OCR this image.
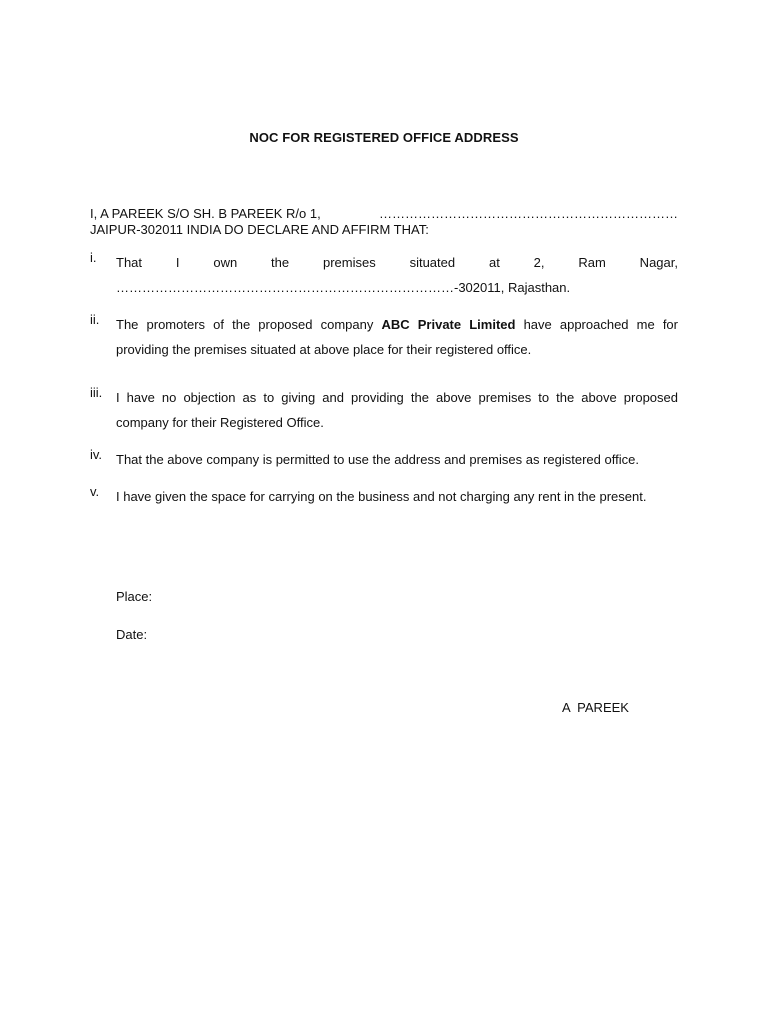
NOC FOR REGISTERED OFFICE ADDRESS
I, A PAREEK S/O SH. B PAREEK R/o 1,	……………………………………………………………
JAIPUR-302011 INDIA DO DECLARE AND AFFIRM THAT:
i.	That I own the premises situated at 2, Ram Nagar,
……………………………………………………………………-302011, Rajasthan.
ii.	The promoters of the proposed company ABC Private Limited have approached me for providing the premises situated at above place for their registered office.
iii.	I have no objection as to giving and providing the above premises to the above proposed company for their Registered Office.
iv.	That the above company is permitted to use the address and premises as registered office.
v.	I have given the space for carrying on the business and not charging any rent in the present.
Place:
Date:
A  PAREEK
